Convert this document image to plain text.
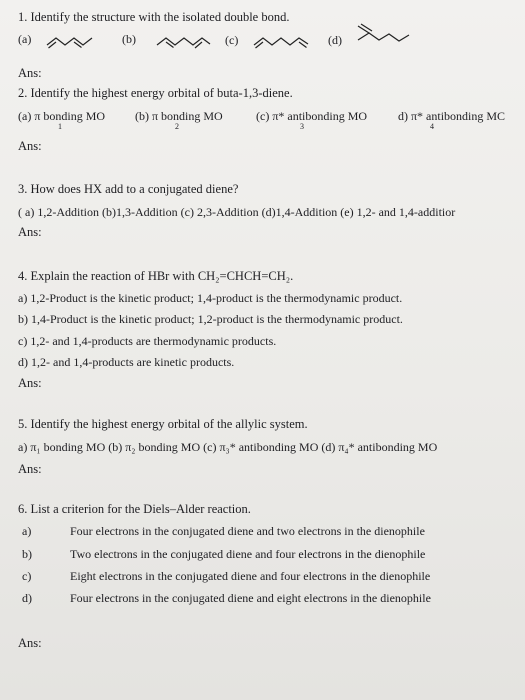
1. Identify the structure with the isolated double bond.
(a)	(b)	(c)	(d)
Ans:
2. Identify the highest energy orbital of buta-1,3-diene.
(a) π bonding MO
1
(b) π bonding MO
2
(c) π* antibonding MO
3
d) π* antibonding MC
4
Ans:
3. How does HX add to a conjugated diene?
( a) 1,2-Addition (b)1,3-Addition (c) 2,3-Addition (d)1,4-Addition (e) 1,2- and 1,4-additior
Ans:
4. Explain the reaction of HBr with CH₂=CHCH=CH₂.
a) 1,2-Product is the kinetic product; 1,4-product is the thermodynamic product.
b) 1,4-Product is the kinetic product; 1,2-product is the thermodynamic product.
c) 1,2- and 1,4-products are thermodynamic products.
d) 1,2- and 1,4-products are kinetic products.
Ans:
5. Identify the highest energy orbital of the allylic system.
a) π₁ bonding MO (b) π₂ bonding MO (c) π₃* antibonding MO (d) π₄* antibonding MO
Ans:
6. List a criterion for the Diels–Alder reaction.
a)	Four electrons in the conjugated diene and two electrons in the dienophile
b)	Two electrons in the conjugated diene and four electrons in the dienophile
c)	Eight electrons in the conjugated diene and four electrons in the dienophile
d)	Four electrons in the conjugated diene and eight electrons in the dienophile
Ans:
